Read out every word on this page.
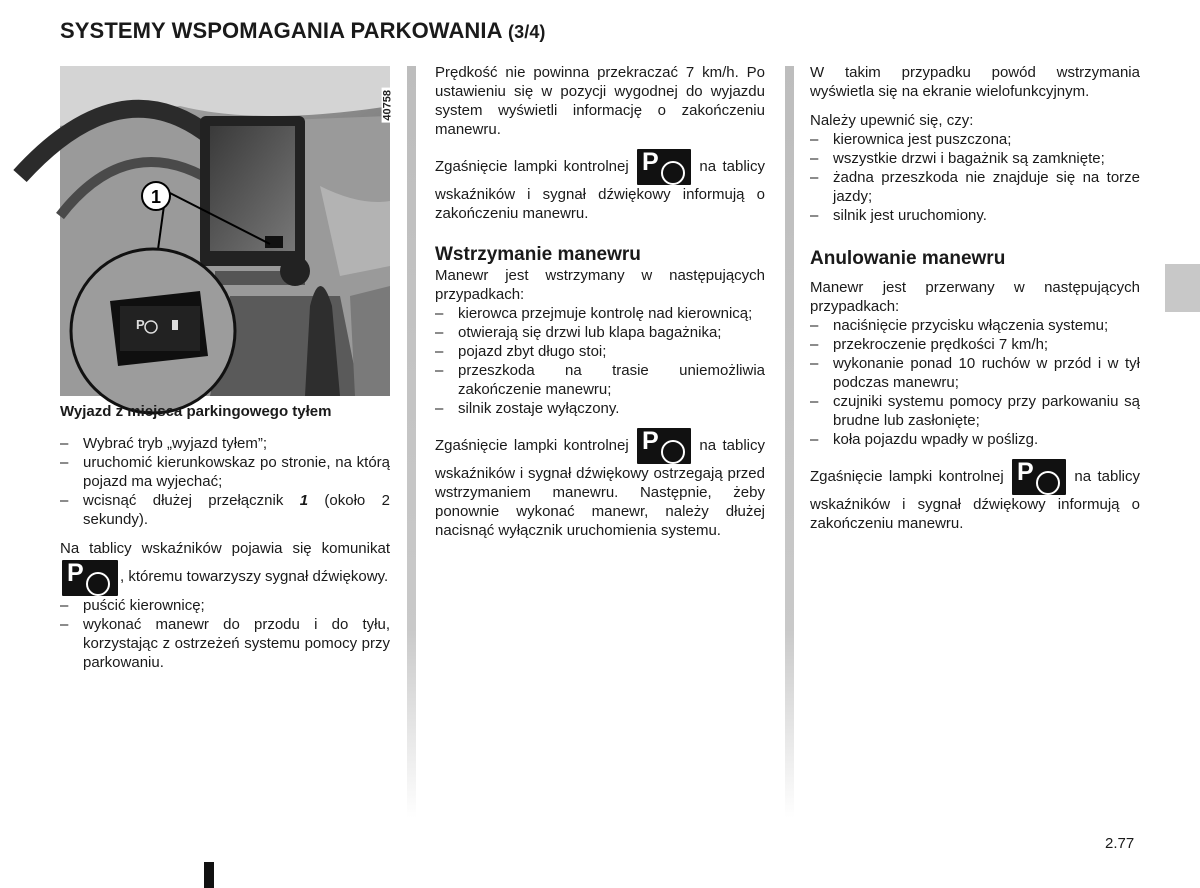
SYSTEMY WSPOMAGANIA PARKOWANIA (3/4)
2.77
1
P
40758

Wyjazd z miejsca parkingowego tyłem

– Wybrać tryb „wyjazd tyłem”;
– uruchomić kierunkowskaz po stronie, na którą pojazd ma wyjechać;
– wcisnąć dłużej przełącznik 1 (około 2 sekundy).

Na tablicy wskaźników pojawia się komunikat
P , któremu towarzyszy sygnał dźwiękowy.

– puścić kierownicę;
– wykonać manewr do przodu i do tyłu, korzystając z ostrzeżeń systemu pomocy przy parkowaniu.

Prędkość nie powinna przekraczać 7 km/h. Po ustawieniu się w pozycji wygodnej do wyjazdu system wyświetli informację o zakończeniu manewru.

Zgaśnięcie lampki kontrolnej P	na tablicy wskaźników i sygnał dźwiękowy informują o zakończeniu manewru.

Wstrzymanie manewru

Manewr jest wstrzymany w następujących przypadkach:

– kierowca przejmuje kontrolę nad kierownicą;
– otwierają się drzwi lub klapa bagażnika;
– pojazd zbyt długo stoi;
– przeszkoda na trasie uniemożliwia zakończenie manewru;
– silnik zostaje wyłączony.

Zgaśnięcie lampki kontrolnej P	na tablicy wskaźników i sygnał dźwiękowy ostrzegają przed wstrzymaniem manewru. Następnie, żeby ponownie wykonać manewr, należy dłużej nacisnąć wyłącznik uruchomienia systemu.

W takim przypadku powód wstrzymania wyświetla się na ekranie wielofunkcyjnym.

Należy upewnić się, czy:

– kierownica jest puszczona;
– wszystkie drzwi i bagażnik są zamknięte;
– żadna przeszkoda nie znajduje się na torze jazdy;
– silnik jest uruchomiony.
Anulowanie manewru

Manewr jest przerwany w następujących przypadkach:

– naciśnięcie przycisku włączenia systemu;
– przekroczenie prędkości 7 km/h;
– wykonanie ponad 10 ruchów w przód i w tył podczas manewru;
– czujniki systemu pomocy przy parkowaniu są brudne lub zasłonięte;
– koła pojazdu wpadły w poślizg.

Zgaśnięcie lampki kontrolnej P	na tablicy wskaźników i sygnał dźwiękowy informują o zakończeniu manewru.
